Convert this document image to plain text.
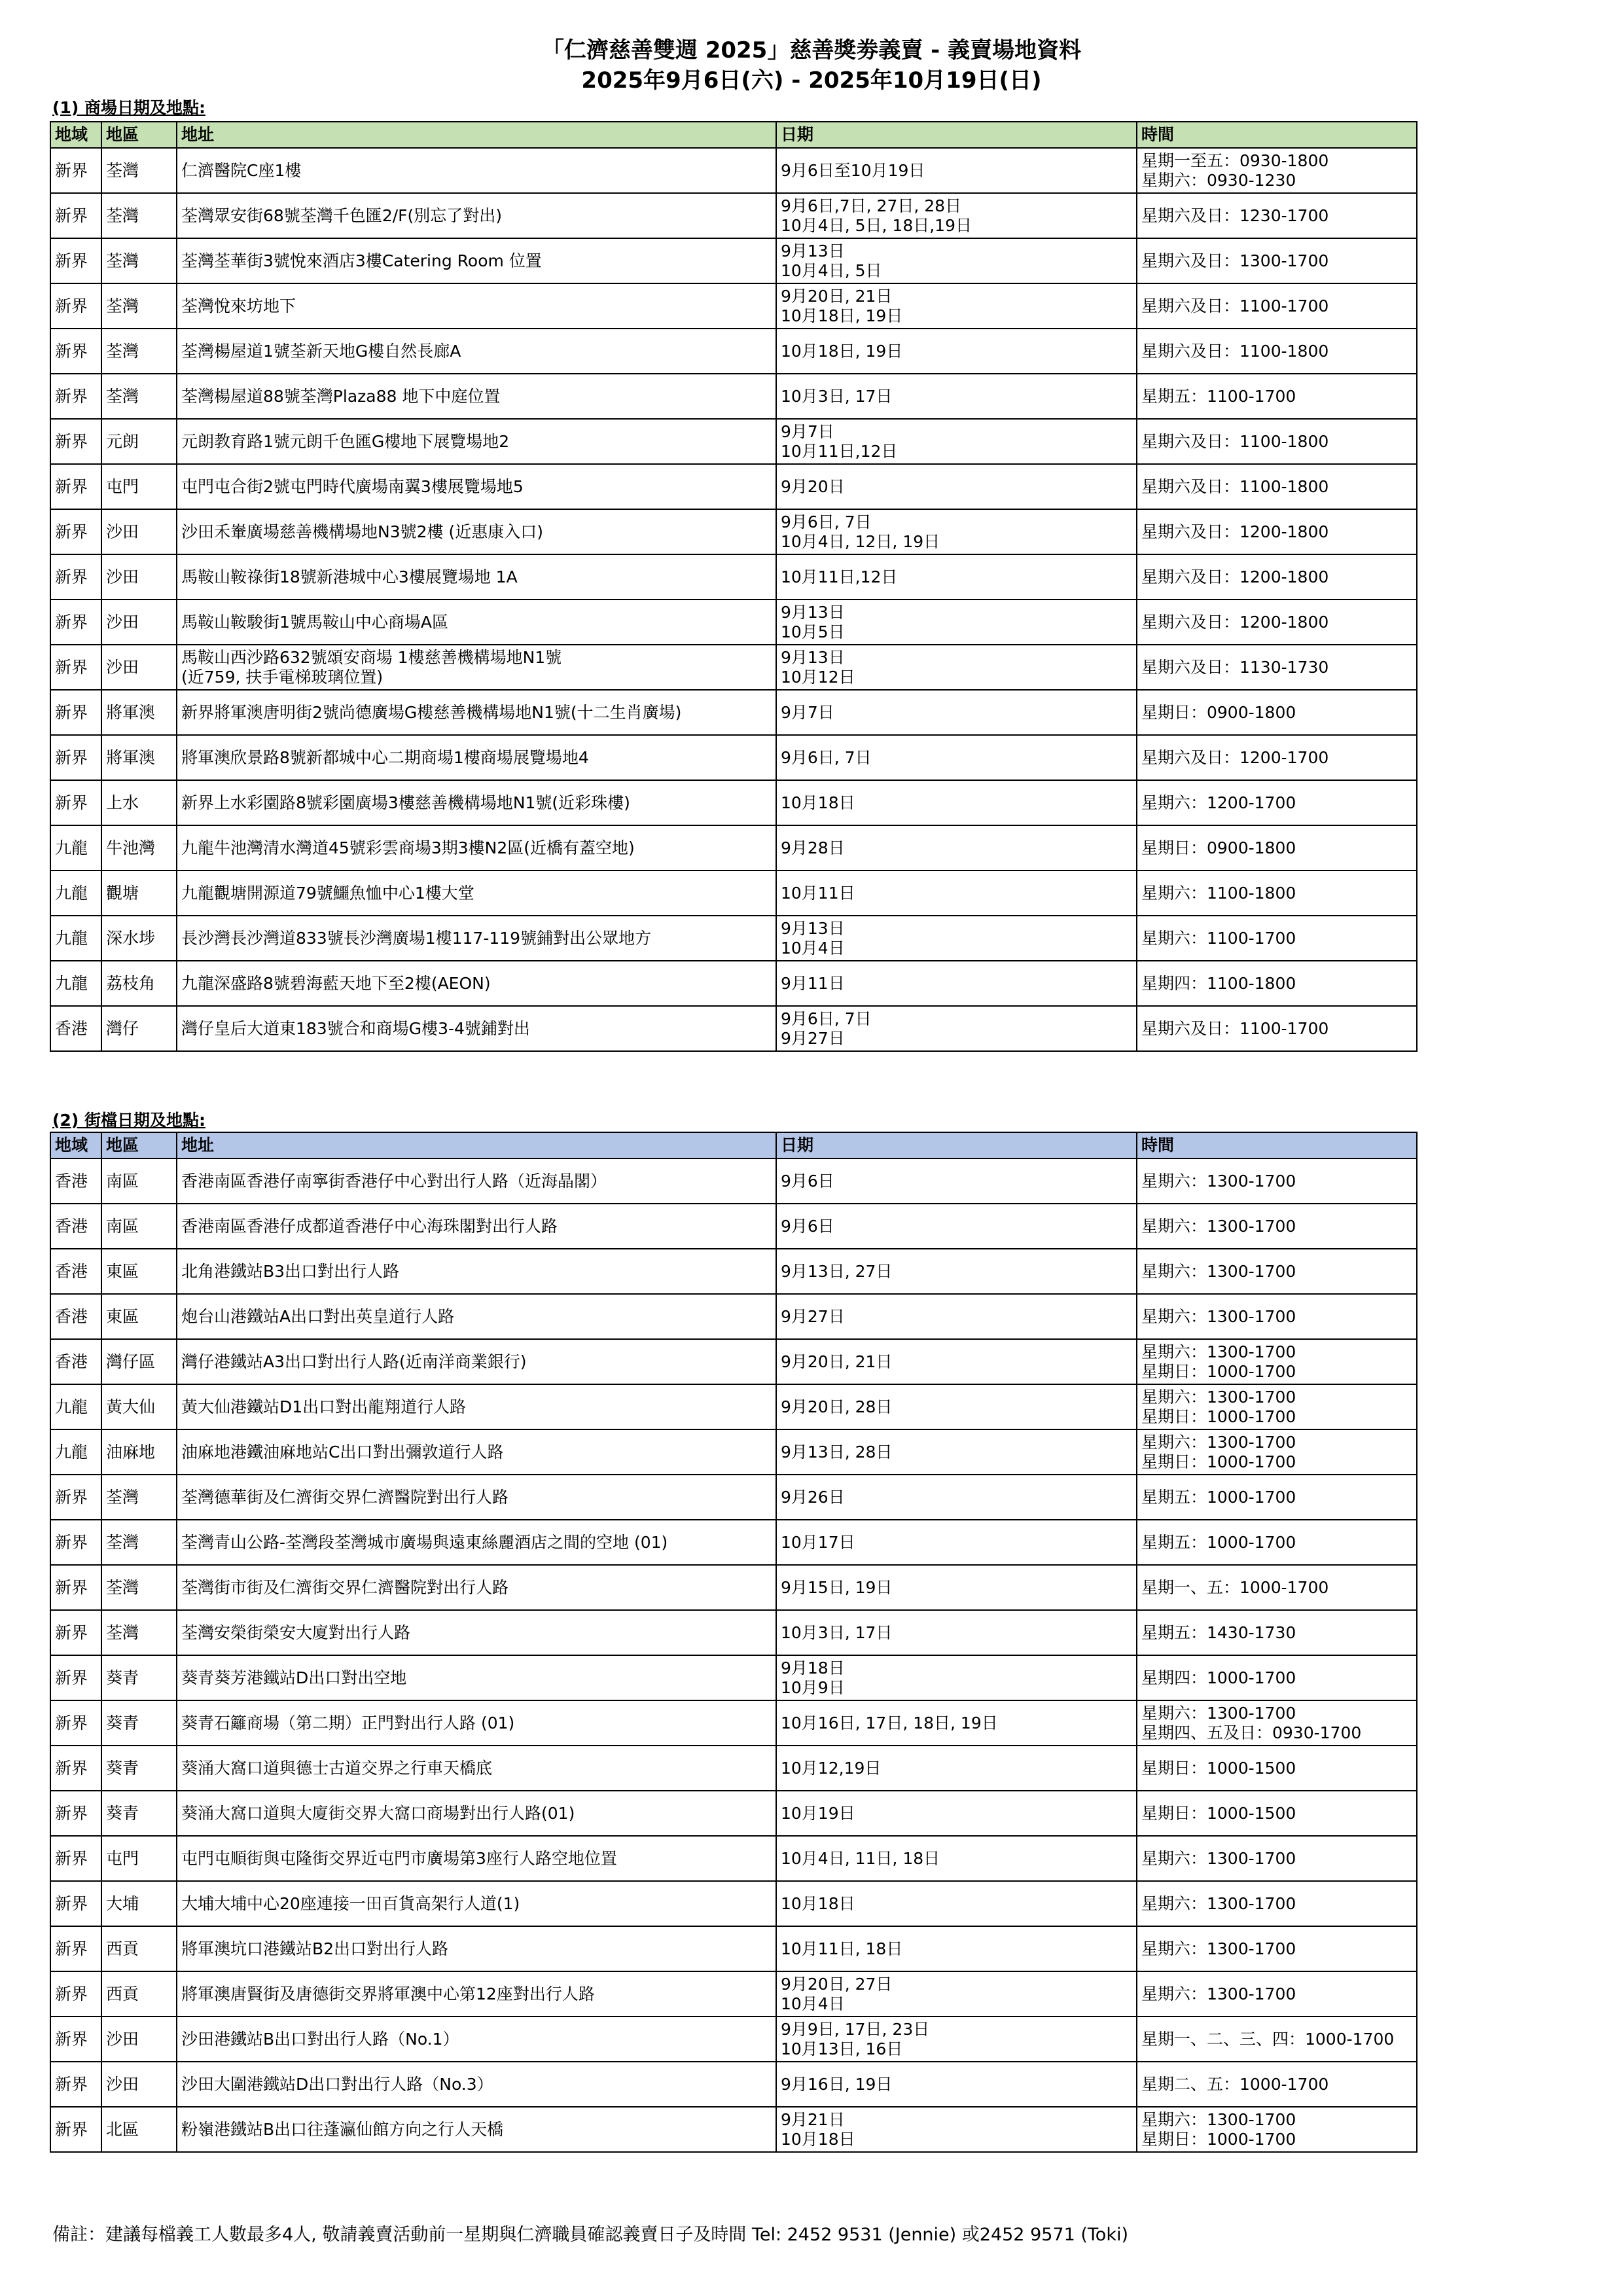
「仁濟慈善雙週 2025」慈善獎劵義賣 - 義賣場地資料
2025年9月6日(六) - 2025年10月19日(日)
(1) 商場日期及地點:
地域	地區	地址	日期	時間
新界	荃灣	仁濟醫院C座1樓	9月6日至10月19日	星期一至五：0930-1800
星期六：0930-1230

新界	荃灣	荃灣眾安街68號荃灣千色匯2/F(別忘了對出)	9月6日,7日, 27日, 28日
10月4日, 5日, 18日,19日	星期六及日：1230-1700

新界	荃灣	荃灣荃華街3號悅來酒店3樓Catering Room 位置	9月13日
10月4日, 5日	星期六及日：1300-1700

新界	荃灣	荃灣悅來坊地下	9月20日, 21日
10月18日, 19日	星期六及日：1100-1700

新界	荃灣	荃灣楊屋道1號荃新天地G樓自然長廊A	10月18日, 19日	星期六及日：1100-1800

新界	荃灣	荃灣楊屋道88號荃灣Plaza88 地下中庭位置	10月3日, 17日	星期五：1100-1700

新界	元朗	元朗教育路1號元朗千色匯G樓地下展覽場地2	9月7日
10月11日,12日	星期六及日：1100-1800

新界	屯門	屯門屯合街2號屯門時代廣場南翼3樓展覽場地5	9月20日	星期六及日：1100-1800

新界	沙田	沙田禾輋廣場慈善機構場地N3號2樓 (近惠康入口)	9月6日, 7日
10月4日, 12日, 19日	星期六及日：1200-1800

新界	沙田	馬鞍山鞍祿街18號新港城中心3樓展覽場地 1A	10月11日,12日	星期六及日：1200-1800

新界	沙田	馬鞍山鞍駿街1號馬鞍山中心商場A區	9月13日
10月5日	星期六及日：1200-1800

新界	沙田	馬鞍山西沙路632號頌安商場 1樓慈善機構場地N1號
(近759, 扶手電梯玻璃位置)	9月13日
10月12日	星期六及日：1130-1730

新界	將軍澳	新界將軍澳唐明街2號尚德廣場G樓慈善機構場地N1號(十二生肖廣場)	9月7日	星期日：0900-1800

新界	將軍澳	將軍澳欣景路8號新都城中心二期商場1樓商場展覽場地4	9月6日, 7日	星期六及日：1200-1700

新界	上水	新界上水彩園路8號彩園廣場3樓慈善機構場地N1號(近彩珠樓)	10月18日	星期六：1200-1700

九龍	牛池灣	九龍牛池灣清水灣道45號彩雲商場3期3樓N2區(近橋有蓋空地)	9月28日	星期日：0900-1800

九龍	觀塘	九龍觀塘開源道79號鱷魚恤中心1樓大堂	10月11日	星期六：1100-1800

九龍	深水埗	長沙灣長沙灣道833號長沙灣廣場1樓117-119號鋪對出公眾地方	9月13日
10月4日	星期六：1100-1700

九龍	荔枝角	九龍深盛路8號碧海藍天地下至2樓(AEON)	9月11日	星期四：1100-1800

香港	灣仔	灣仔皇后大道東183號合和商場G樓3-4號鋪對出	9月6日, 7日
9月27日	星期六及日：1100-1700
(2) 街檔日期及地點:
地域	地區	地址	日期	時間
香港	南區	香港南區香港仔南寧街香港仔中心對出行人路（近海晶閣）	9月6日	星期六：1300-1700

香港	南區	香港南區香港仔成都道香港仔中心海珠閣對出行人路	9月6日	星期六：1300-1700

香港	東區	北角港鐵站B3出口對出行人路	9月13日, 27日	星期六：1300-1700

香港	東區	炮台山港鐵站A出口對出英皇道行人路	9月27日	星期六：1300-1700

香港	灣仔區	灣仔港鐵站A3出口對出行人路(近南洋商業銀行)	9月20日, 21日	星期六：1300-1700
星期日：1000-1700

九龍	黃大仙	黃大仙港鐵站D1出口對出龍翔道行人路	9月20日, 28日	星期六：1300-1700
星期日：1000-1700

九龍	油麻地	油麻地港鐵油麻地站C出口對出彌敦道行人路	9月13日, 28日	星期六：1300-1700
星期日：1000-1700

新界	荃灣	荃灣德華街及仁濟街交界仁濟醫院對出行人路	9月26日	星期五：1000-1700

新界	荃灣	荃灣青山公路-荃灣段荃灣城市廣場與遠東絲麗酒店之間的空地 (01)	10月17日	星期五：1000-1700

新界	荃灣	荃灣街市街及仁濟街交界仁濟醫院對出行人路	9月15日, 19日	星期一、五：1000-1700

新界	荃灣	荃灣安榮街榮安大廈對出行人路	10月3日, 17日	星期五：1430-1730

新界	葵青	葵青葵芳港鐵站D出口對出空地	9月18日
10月9日	星期四：1000-1700

新界	葵青	葵青石籬商場（第二期）正門對出行人路 (01)	10月16日, 17日, 18日, 19日	星期六：1300-1700
星期四、五及日：0930-1700

新界	葵青	葵涌大窩口道與德士古道交界之行車天橋底	10月12,19日	星期日：1000-1500

新界	葵青	葵涌大窩口道與大廈街交界大窩口商場對出行人路(01)	10月19日	星期日：1000-1500

新界	屯門	屯門屯順街與屯隆街交界近屯門市廣場第3座行人路空地位置	10月4日, 11日, 18日	星期六：1300-1700

新界	大埔	大埔大埔中心20座連接一田百貨高架行人道(1)	10月18日	星期六：1300-1700

新界	西貢	將軍澳坑口港鐵站B2出口對出行人路	10月11日, 18日	星期六：1300-1700

新界	西貢	將軍澳唐賢街及唐德街交界將軍澳中心第12座對出行人路	9月20日, 27日
10月4日	星期六：1300-1700

新界	沙田	沙田港鐵站B出口對出行人路（No.1）	9月9日, 17日, 23日
10月13日, 16日	星期一、二、三、四：1000-1700

新界	沙田	沙田大圍港鐵站D出口對出行人路（No.3）	9月16日, 19日	星期二、五：1000-1700

新界	北區	粉嶺港鐵站B出口往蓬瀛仙館方向之行人天橋	9月21日
10月18日	星期六：1300-1700
星期日：1000-1700
備註：建議每檔義工人數最多4人, 敬請義賣活動前一星期與仁濟職員確認義賣日子及時間 Tel: 2452 9531 (Jennie) 或2452 9571 (Toki)
